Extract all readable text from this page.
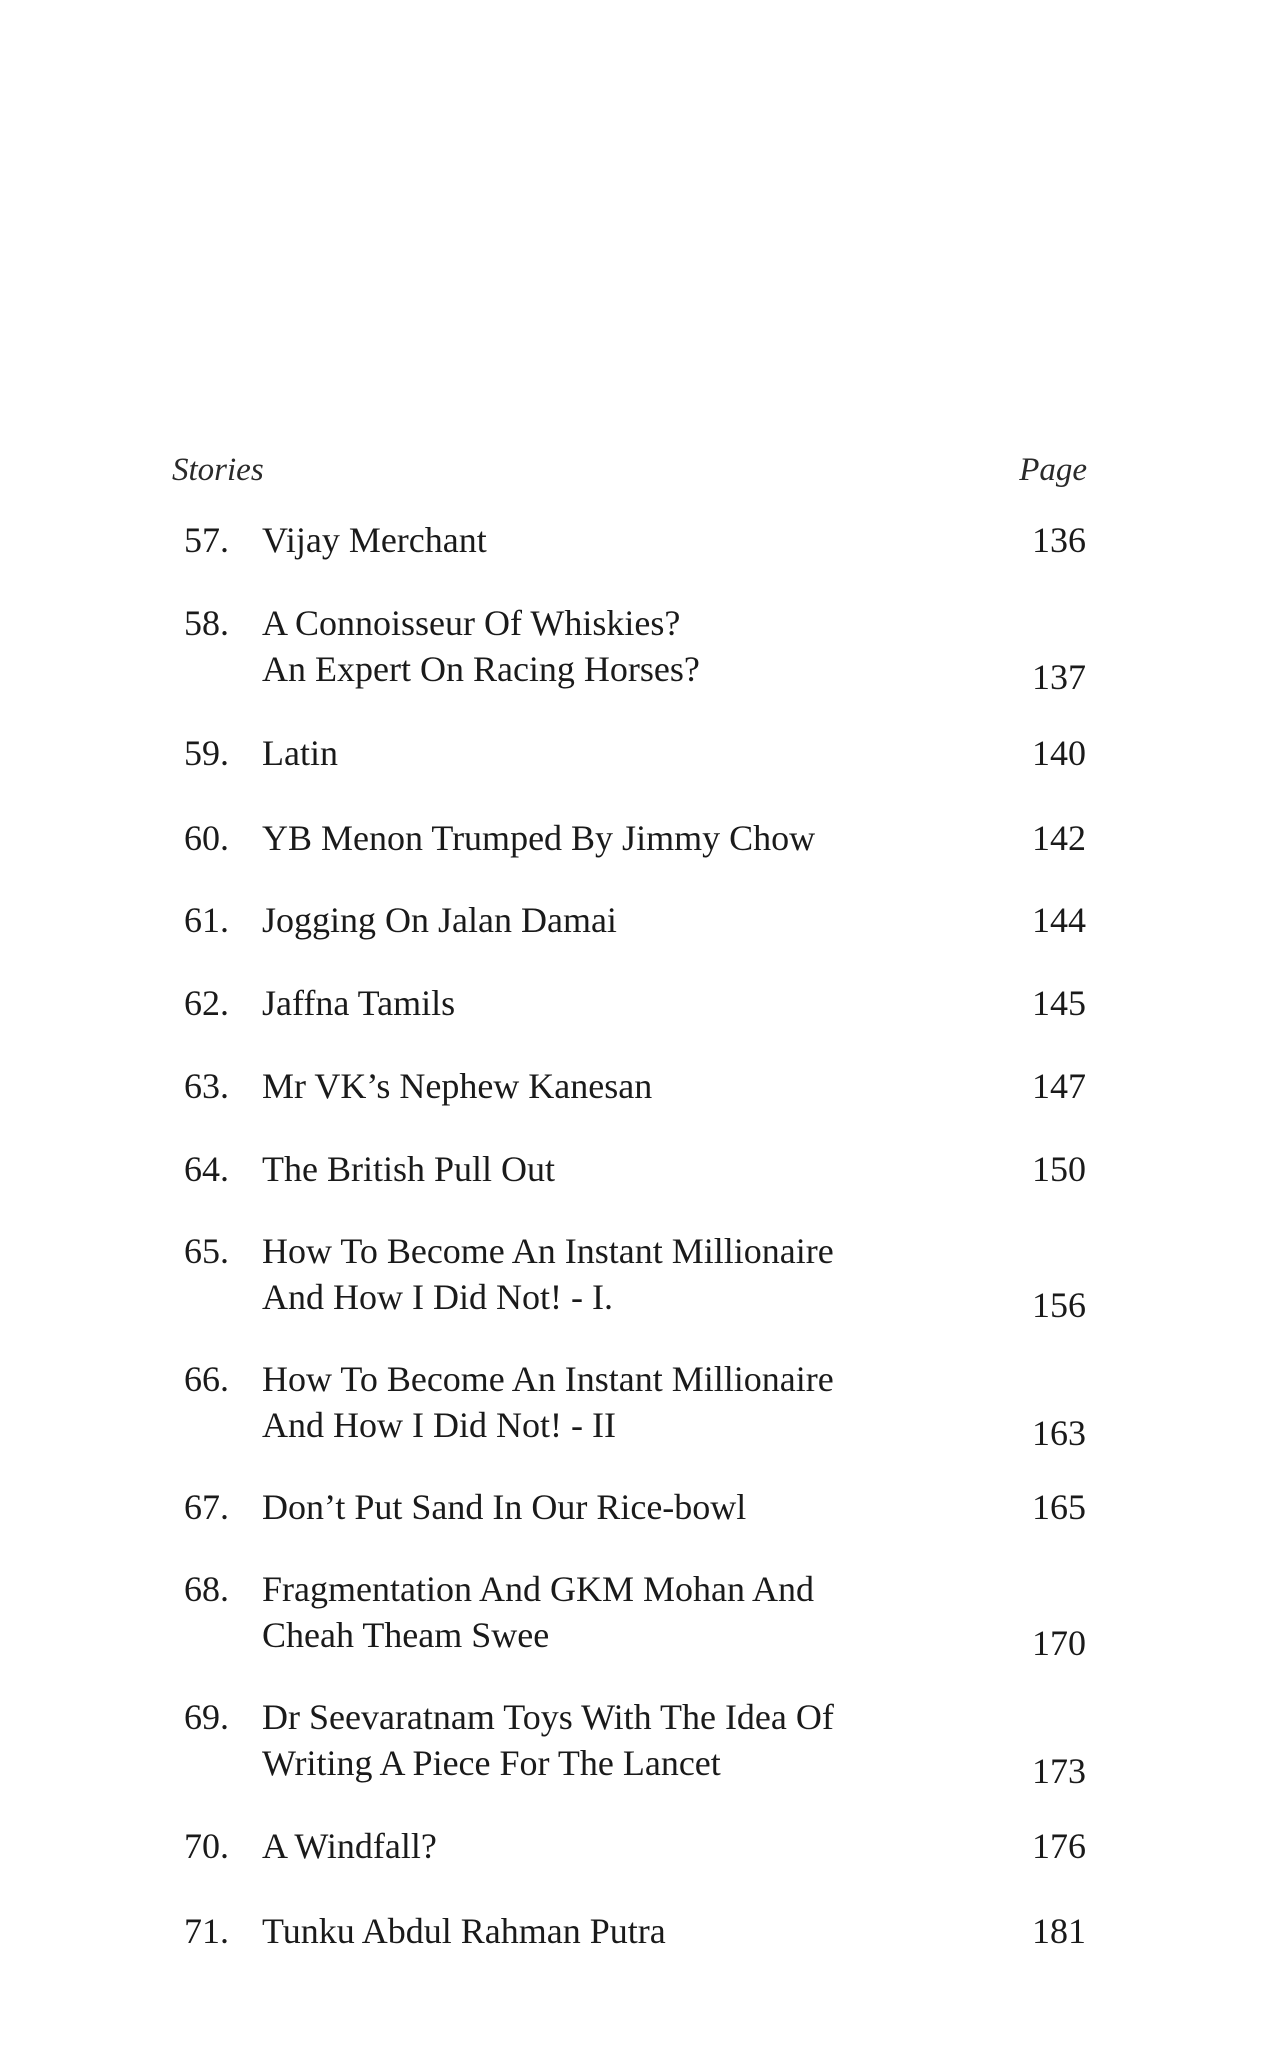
Stories	Page
57. Vijay Merchant	136
58. A Connoisseur Of Whiskies?
An Expert On Racing Horses?	137
59. Latin	140
60. YB Menon Trumped By Jimmy Chow	142
61. Jogging On Jalan Damai	144
62. Jaffna Tamils	145
63. Mr VK’s Nephew Kanesan	147
64. The British Pull Out	150
65. How To Become An Instant Millionaire
And How I Did Not! - I.	156
66. How To Become An Instant Millionaire
And How I Did Not! - II	163
67. Don’t Put Sand In Our Rice-bowl	165
68. Fragmentation And GKM Mohan And
Cheah Theam Swee	170
69. Dr Seevaratnam Toys With The Idea Of
Writing A Piece For The Lancet	173
70. A Windfall?	176
71. Tunku Abdul Rahman Putra	181
